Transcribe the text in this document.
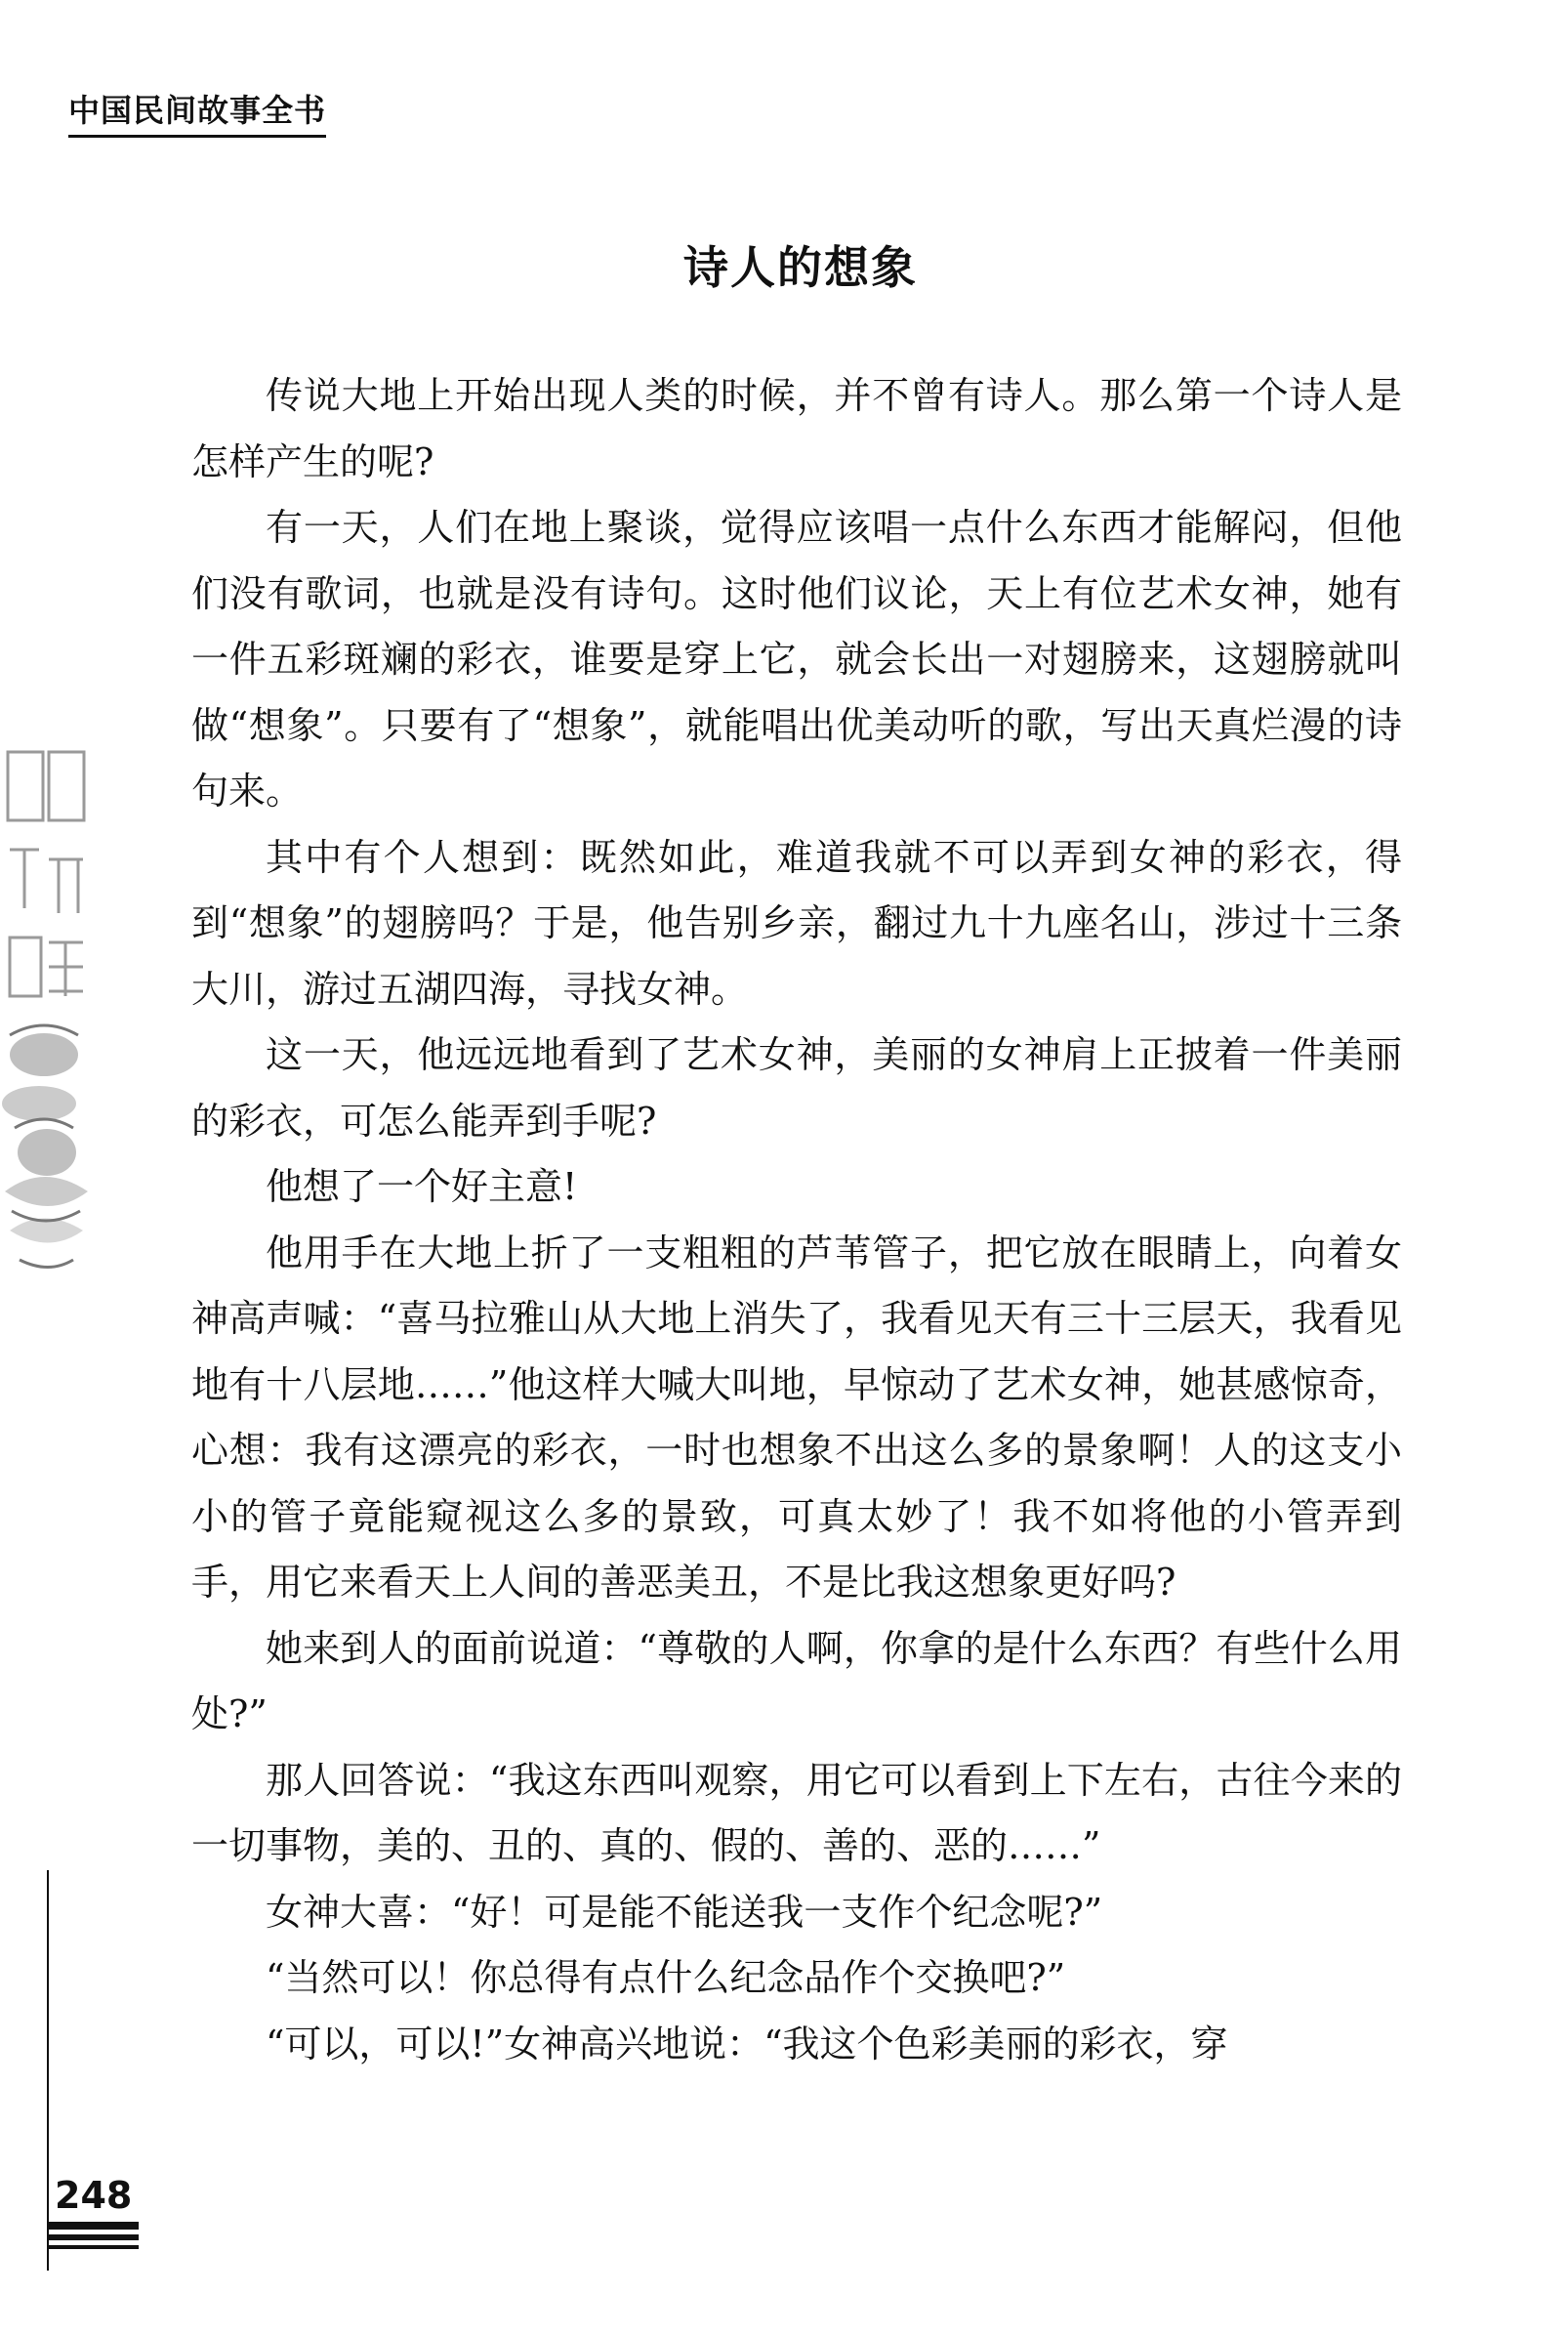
中国民间故事全书
诗人的想象

传说大地上开始出现人类的时候，并不曾有诗人。那么第一个诗人是怎样产生的呢?

有一天，人们在地上聚谈，觉得应该唱一点什么东西才能解闷，但他们没有歌词，也就是没有诗句。这时他们议论，天上有位艺术女神，她有一件五彩斑斓的彩衣，谁要是穿上它，就会长出一对翅膀来，这翅膀就叫做“想象”。只要有了“想象”，就能唱出优美动听的歌，写出天真烂漫的诗句来。

其中有个人想到：既然如此，难道我就不可以弄到女神的彩衣，得到“想象”的翅膀吗？于是，他告别乡亲，翻过九十九座名山，涉过十三条大川，游过五湖四海，寻找女神。

这一天，他远远地看到了艺术女神，美丽的女神肩上正披着一件美丽的彩衣，可怎么能弄到手呢?

他想了一个好主意!

他用手在大地上折了一支粗粗的芦苇管子，把它放在眼睛上，向着女神高声喊：“喜马拉雅山从大地上消失了，我看见天有三十三层天，我看见地有十八层地……”他这样大喊大叫地，早惊动了艺术女神，她甚感惊奇，心想：我有这漂亮的彩衣，一时也想象不出这么多的景象啊！人的这支小小的管子竟能窥视这么多的景致，可真太妙了！我不如将他的小管弄到手，用它来看天上人间的善恶美丑，不是比我这想象更好吗?

她来到人的面前说道：“尊敬的人啊，你拿的是什么东西？有些什么用处?”

那人回答说：“我这东西叫观察，用它可以看到上下左右，古往今来的一切事物，美的、丑的、真的、假的、善的、恶的……”

女神大喜：“好！可是能不能送我一支作个纪念呢?”

“当然可以！你总得有点什么纪念品作个交换吧?”

“可以，可以!”女神高兴地说：“我这个色彩美丽的彩衣，穿

248
